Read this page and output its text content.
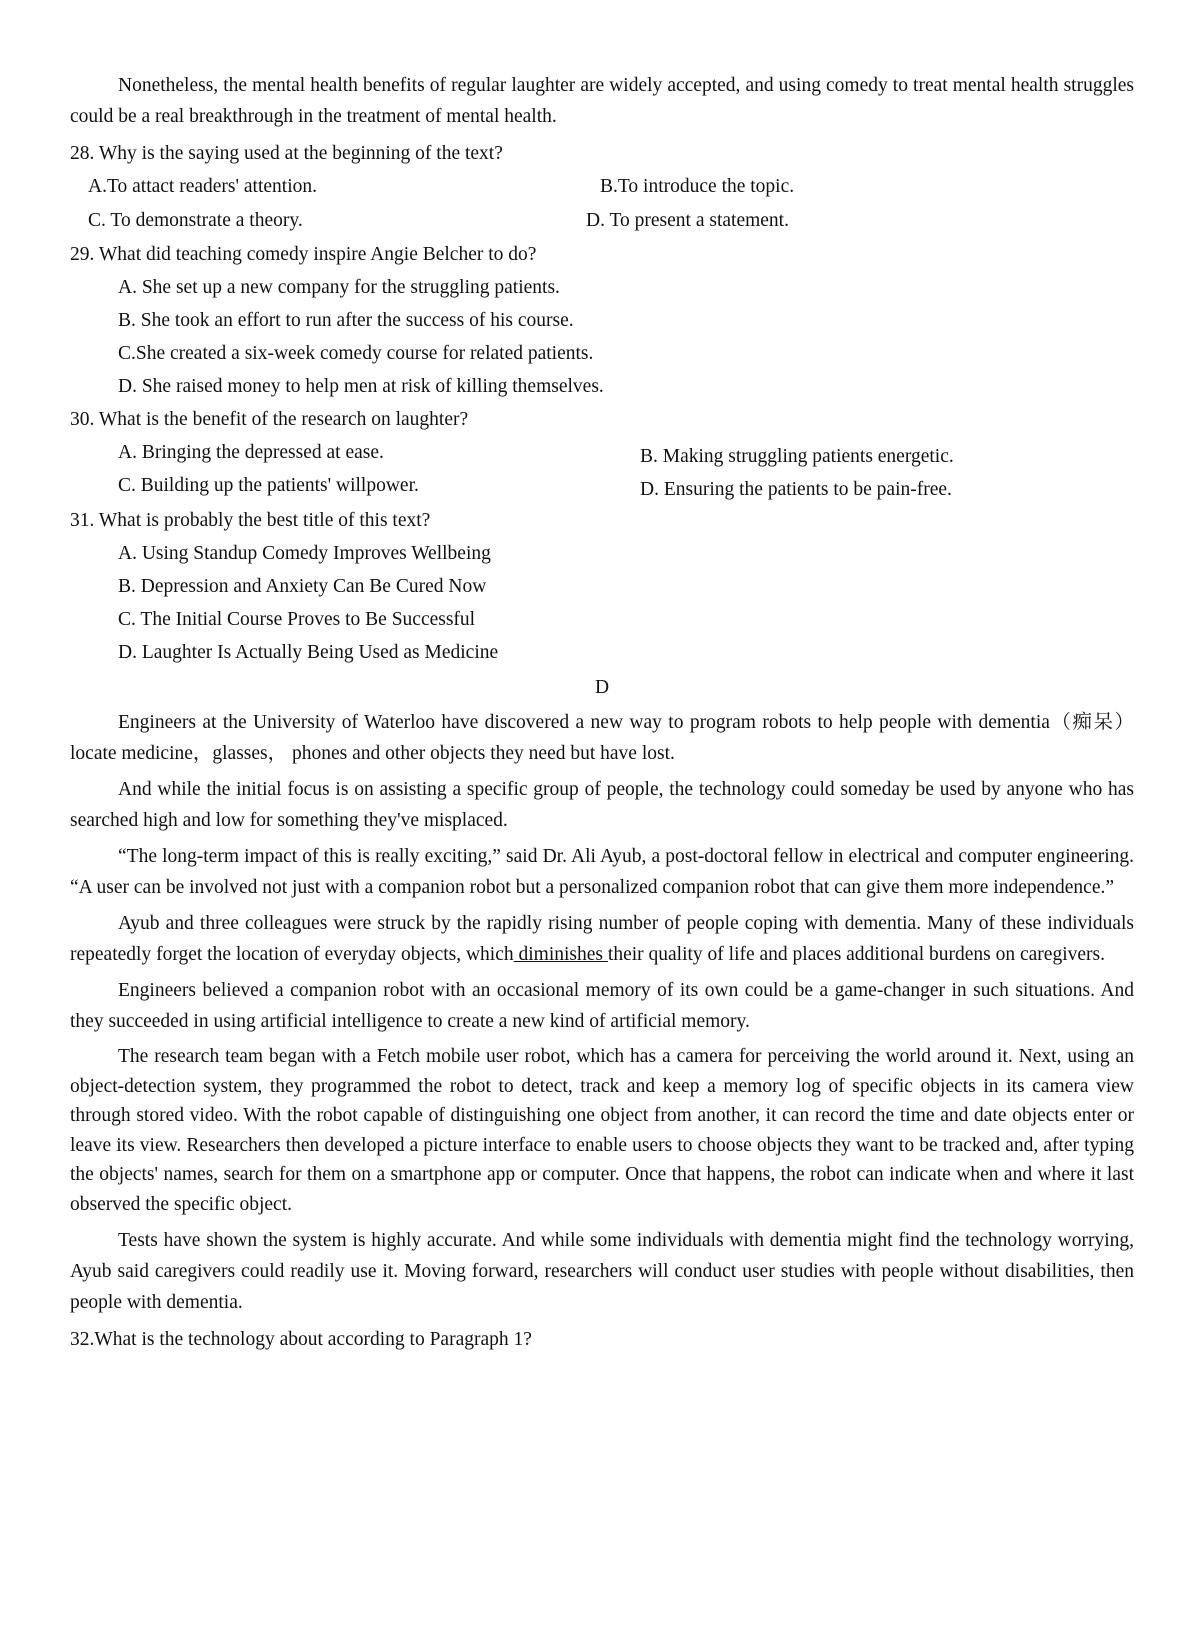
Nonetheless, the mental health benefits of regular laughter are widely accepted, and using comedy to treat mental health struggles could be a real breakthrough in the treatment of mental health.

28. Why is the saying used at the beginning of the text?
A.To attact readers' attention.	B.To introduce the topic.
C. To demonstrate a theory.	D. To present a statement.
29. What did teaching comedy inspire Angie Belcher to do?
A. She set up a new company for the struggling patients.
B. She took an effort to run after the success of his course.
C.She created a six-week comedy course for related patients.
D. She raised money to help men at risk of killing themselves.
30. What is the benefit of the research on laughter?
A. Bringing the depressed at ease.	B. Making struggling patients energetic.
C. Building up the patients' willpower.	D. Ensuring the patients to be pain-free.
31. What is probably the best title of this text?
A. Using Standup Comedy Improves Wellbeing
B. Depression and Anxiety Can Be Cured Now
C. The Initial Course Proves to Be Successful
D. Laughter Is Actually Being Used as Medicine
D

Engineers at the University of Waterloo have discovered a new way to program robots to help people with dementia（痴呆）locate medicine，glasses， phones and other objects they need but have lost.

And while the initial focus is on assisting a specific group of people, the technology could someday be used by anyone who has searched high and low for something they've misplaced.

“The long-term impact of this is really exciting,” said Dr. Ali Ayub, a post-doctoral fellow in electrical and computer engineering. “A user can be involved not just with a companion robot but a personalized companion robot that can give them more independence.”

Ayub and three colleagues were struck by the rapidly rising number of people coping with dementia. Many of these individuals repeatedly forget the location of everyday objects, which diminishes their quality of life and places additional burdens on caregivers.

Engineers believed a companion robot with an occasional memory of its own could be a game-changer in such situations. And they succeeded in using artificial intelligence to create a new kind of artificial memory.

The research team began with a Fetch mobile user robot, which has a camera for perceiving the world around it. Next, using an object-detection system, they programmed the robot to detect, track and keep a memory log of specific objects in its camera view through stored video. With the robot capable of distinguishing one object from another, it can record the time and date objects enter or leave its view. Researchers then developed a picture interface to enable users to choose objects they want to be tracked and, after typing the objects' names, search for them on a smartphone app or computer. Once that happens, the robot can indicate when and where it last observed the specific object.

Tests have shown the system is highly accurate. And while some individuals with dementia might find the technology worrying, Ayub said caregivers could readily use it. Moving forward, researchers will conduct user studies with people without disabilities, then people with dementia.

32.What is the technology about according to Paragraph 1?
